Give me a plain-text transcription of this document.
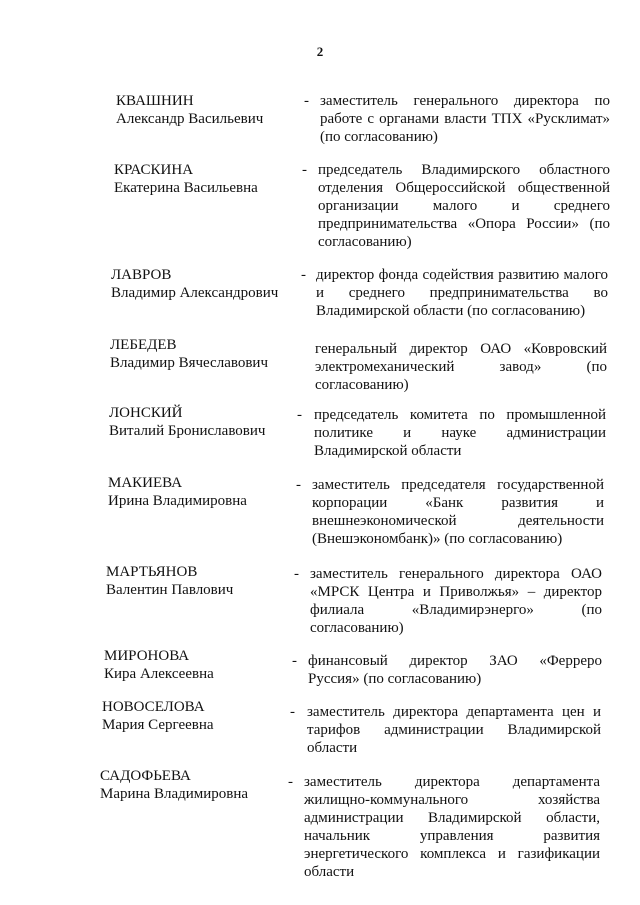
2
КВАШНИН
Александр Васильевич
- заместитель генерального директора по работе с органами власти ТПХ «Русклимат» (по согласованию)
КРАСКИНА
Екатерина Васильевна
- председатель Владимирского областного отделения Общероссийской общественной организации малого и среднего предпринимательства «Опора России» (по согласованию)
ЛАВРОВ
Владимир Александрович
- директор фонда содействия развитию малого и среднего предпринимательства во Владимирской области (по согласованию)
ЛЕБЕДЕВ
Владимир Вячеславович
генеральный директор ОАО «Ковровский электромеханический завод» (по согласованию)
ЛОНСКИЙ
Виталий Брониславович
- председатель комитета по промышленной политике и науке администрации Владимирской области
МАКИЕВА
Ирина Владимировна
- заместитель председателя государственной корпорации «Банк развития и внешнеэкономической деятельности (Внешэкономбанк)» (по согласованию)
МАРТЬЯНОВ
Валентин Павлович
- заместитель генерального директора ОАО «МРСК Центра и Приволжья» – директор филиала «Владимирэнерго» (по согласованию)
МИРОНОВА
Кира Алексеевна
- финансовый директор ЗАО «Ферреро Руссия» (по согласованию)
НОВОСЕЛОВА
Мария Сергеевна
- заместитель директора департамента цен и тарифов администрации Владимирской области
САДОФЬЕВА
Марина Владимировна
- заместитель директора департамента жилищно-коммунального хозяйства администрации Владимирской области, начальник управления развития энергетического комплекса и газификации области
